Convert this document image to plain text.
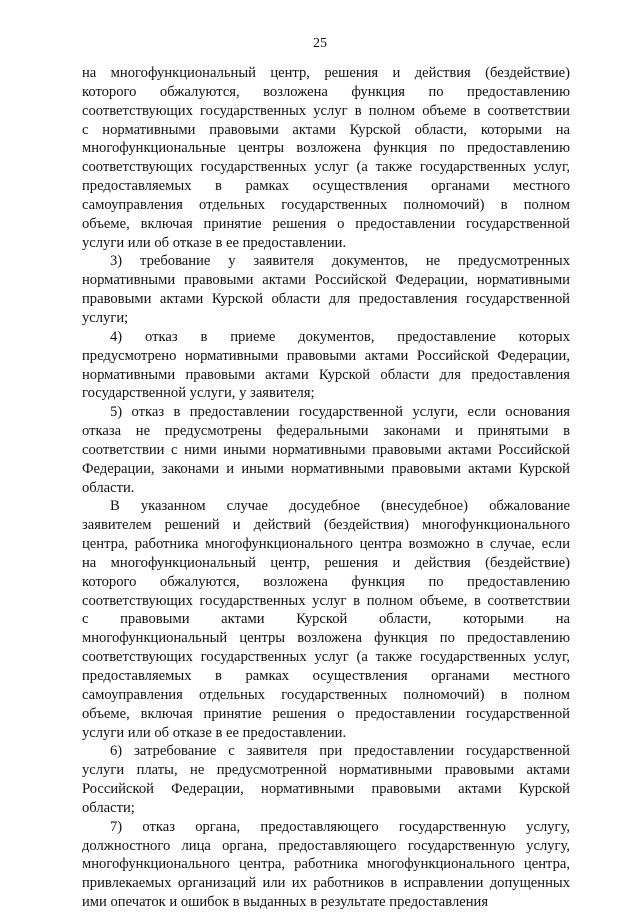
25
на многофункциональный центр, решения и действия (бездействие)
которого обжалуются, возложена функция по предоставлению
соответствующих государственных услуг в полном объеме в соответствии
с нормативными правовыми актами Курской области, которыми на
многофункциональные центры возложена функция по предоставлению
соответствующих государственных услуг (а также государственных услуг,
предоставляемых в рамках осуществления органами местного
самоуправления отдельных государственных полномочий) в полном
объеме, включая принятие решения о предоставлении государственной
услуги или об отказе в ее предоставлении.
3) требование у заявителя документов, не предусмотренных
нормативными правовыми актами Российской Федерации, нормативными
правовыми актами Курской области для предоставления государственной
услуги;
4) отказ в приеме документов, предоставление которых
предусмотрено нормативными правовыми актами Российской Федерации,
нормативными правовыми актами Курской области для предоставления
государственной услуги, у заявителя;
5) отказ в предоставлении государственной услуги, если основания
отказа не предусмотрены федеральными законами и принятыми в
соответствии с ними иными нормативными правовыми актами Российской
Федерации, законами и иными нормативными правовыми актами Курской
области.
В указанном случае досудебное (внесудебное) обжалование
заявителем решений и действий (бездействия) многофункционального
центра, работника многофункционального центра возможно в случае, если
на многофункциональный центр, решения и действия (бездействие)
которого обжалуются, возложена функция по предоставлению
соответствующих государственных услуг в полном объеме, в соответствии
с правовыми актами Курской области, которыми на
многофункциональный центры возложена функция по предоставлению
соответствующих государственных услуг (а также государственных услуг,
предоставляемых в рамках осуществления органами местного
самоуправления отдельных государственных полномочий) в полном
объеме, включая принятие решения о предоставлении государственной
услуги или об отказе в ее предоставлении.
6) затребование с заявителя при предоставлении государственной
услуги платы, не предусмотренной нормативными правовыми актами
Российской Федерации, нормативными правовыми актами Курской
области;
7) отказ органа, предоставляющего государственную услугу,
должностного лица органа, предоставляющего государственную услугу,
многофункционального центра, работника многофункционального центра,
привлекаемых организаций или их работников в исправлении допущенных
ими опечаток и ошибок в выданных в результате предоставления
